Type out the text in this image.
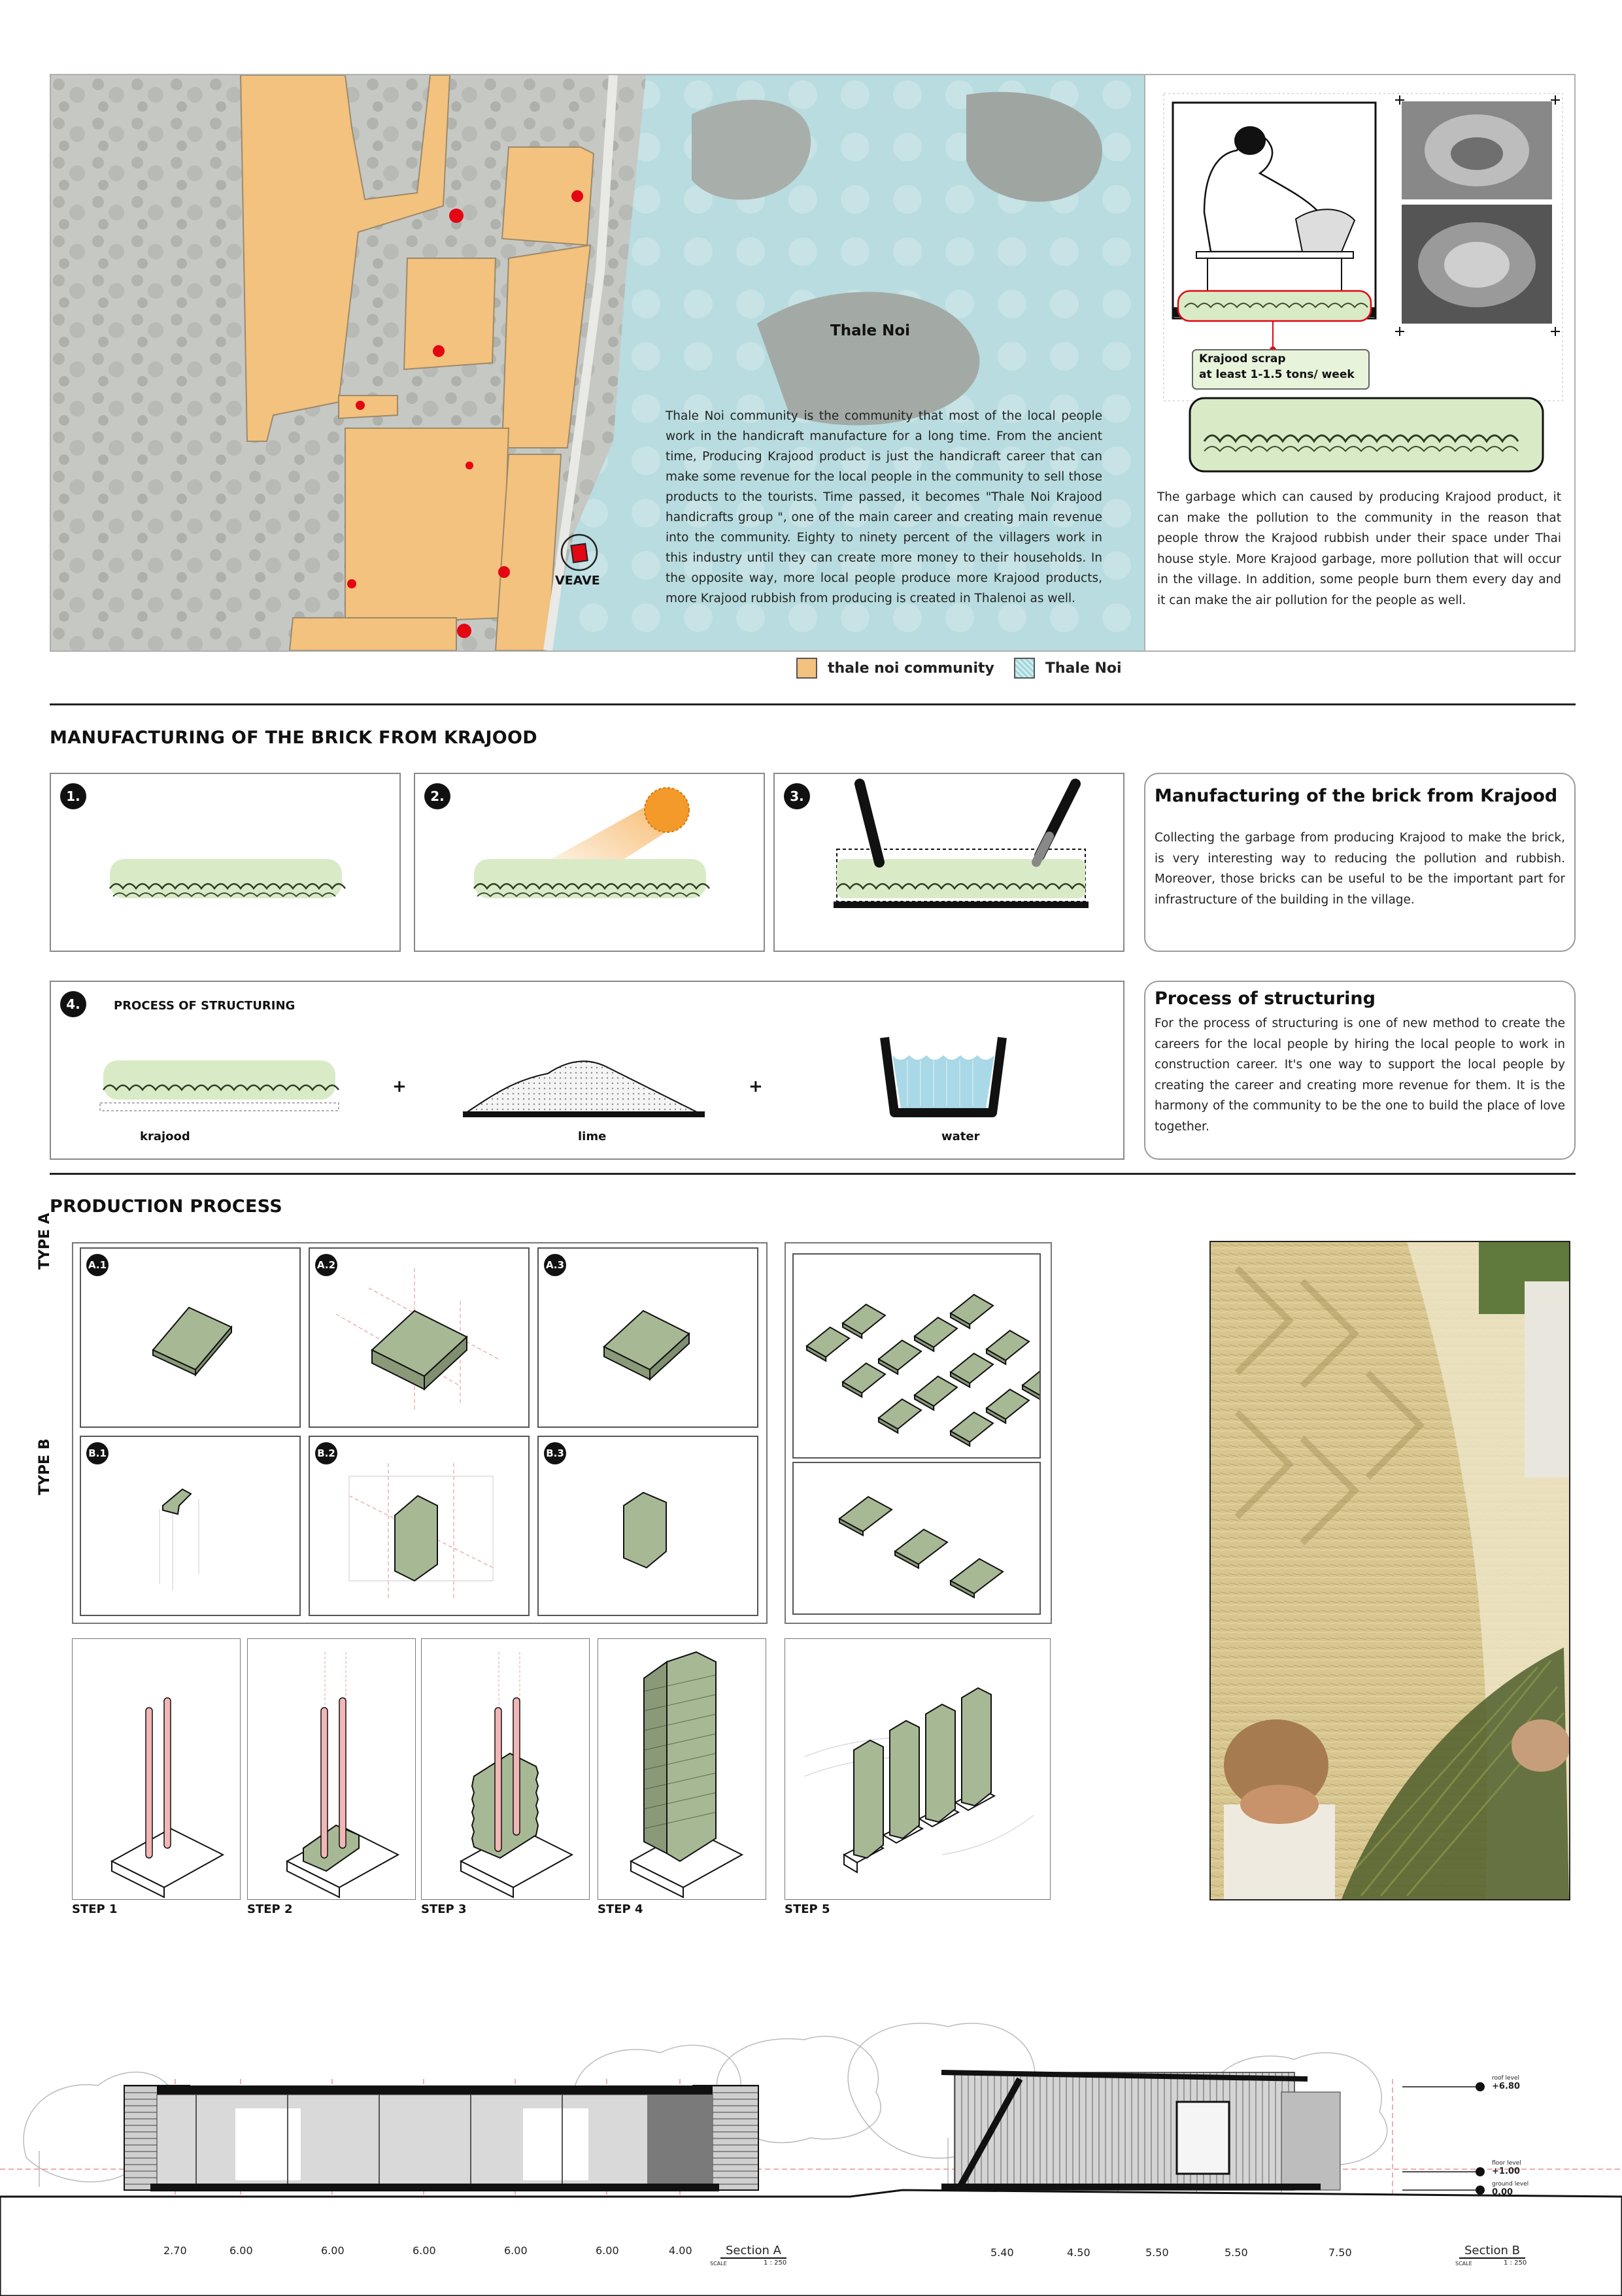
Thale Noi
VEAVE
Thale Noi community is the community that most of the local people work in the handicraft manufacture for a long time. From the ancient time, Producing Krajood product is just the handicraft career that can make some revenue for the local people in the community to sell those products to the tourists. Time passed, it becomes "Thale Noi Krajood handicrafts group ", one of the main career and creating main revenue into the community. Eighty to ninety percent of the villagers work in this industry until they can create more money to their households. In the opposite way, more local people produce more Krajood products, more Krajood rubbish from producing is created in Thalenoi as well.
thale noi community	Thale Noi
Krajood scrap
at least 1-1.5 tons/ week
The garbage which can caused by producing Krajood product, it can make the pollution to the community in the reason that people throw the Krajood rubbish under their space under Thai house style. More Krajood garbage, more pollution that will occur in the village. In addition, some people burn them every day and it can make the air pollution for the people as well.
MANUFACTURING OF THE BRICK FROM KRAJOOD
1.	2.	3.	Manufacturing of the brick from Krajood
Collecting the garbage from producing Krajood to make the brick, is very interesting way to reducing the pollution and rubbish. Moreover, those bricks can be useful to be the important part for infrastructure of the building in the village.
4.	PROCESS OF STRUCTURING
+	+
krajood	lime	water
Process of structuring
For the process of structuring is one of new method to create the careers for the local people by hiring the local people to work in construction career. It's one way to support the local people by creating the career and creating more revenue for them. It is the harmony of the community to be the one to build the place of love together.
PRODUCTION PROCESS
TYPE A
TYPE B
A.1	A.2	A.3
B.1	B.2	B.3
STEP 1	STEP 2	STEP 3	STEP 4	STEP 5
roof level
+6.80
floor level
+1.00
ground level
0.00
2.70	6.00	6.00	6.00	6.00	6.00	4.00	Section A
SCALE	1 : 250
5.40	4.50	5.50	5.50	7.50	Section B
SCALE	1 : 250
